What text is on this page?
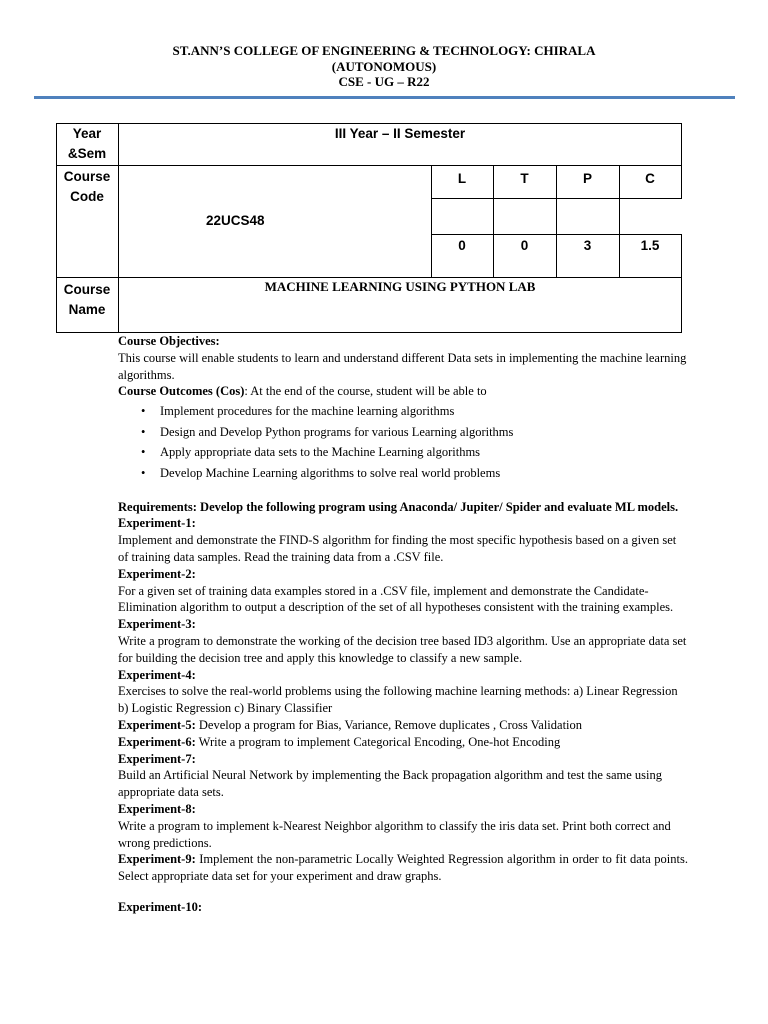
ST.ANN’S COLLEGE OF ENGINEERING & TECHNOLOGY: CHIRALA
(AUTONOMOUS)
CSE - UG – R22
Year &Sem
III Year – II Semester
Course Code
22UCS48
L	T	P	C
0	0	3	1.5
Course Name
MACHINE LEARNING USING PYTHON LAB

Course Objectives:

This course will enable students to learn and understand different Data sets in implementing the machine learning algorithms.

Course Outcomes (Cos): At the end of the course, student will be able to

• Implement procedures for the machine learning algorithms
• Design and Develop Python programs for various Learning algorithms
• Apply appropriate data sets to the Machine Learning algorithms
• Develop Machine Learning algorithms to solve real world problems

Requirements: Develop the following program using Anaconda/ Jupiter/ Spider and evaluate ML models.

Experiment-1:

Implement and demonstrate the FIND-S algorithm for finding the most specific hypothesis based on a given set of training data samples. Read the training data from a .CSV file.

Experiment-2:

For a given set of training data examples stored in a .CSV file, implement and demonstrate the Candidate-Elimination algorithm to output a description of the set of all hypotheses consistent with the training examples.

Experiment-3:

Write a program to demonstrate the working of the decision tree based ID3 algorithm. Use an appropriate data set for building the decision tree and apply this knowledge to classify a new sample.

Experiment-4:

Exercises to solve the real-world problems using the following machine learning methods: a) Linear Regression b) Logistic Regression c) Binary Classifier

Experiment-5: Develop a program for Bias, Variance, Remove duplicates , Cross Validation

Experiment-6: Write a program to implement Categorical Encoding, One-hot Encoding

Experiment-7:

Build an Artificial Neural Network by implementing the Back propagation algorithm and test the same using appropriate data sets.

Experiment-8:

Write a program to implement k-Nearest Neighbor algorithm to classify the iris data set. Print both correct and wrong predictions.

Experiment-9: Implement the non-parametric Locally Weighted Regression algorithm in order to fit data points. Select appropriate data set for your experiment and draw graphs.

Experiment-10:
